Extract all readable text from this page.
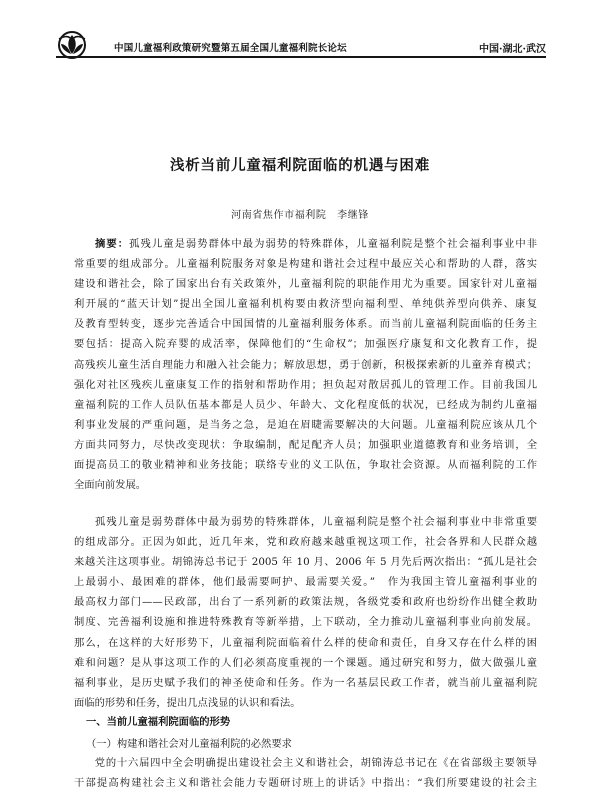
中国儿童福利政策研究暨第五届全国儿童福利院长论坛	中国·湖北·武汉
浅析当前儿童福利院面临的机遇与困难
河南省焦作市福利院　李继锋
摘要：孤残儿童是弱势群体中最为弱势的特殊群体，儿童福利院是整个社会福利事业中非
常重要的组成部分。儿童福利院服务对象是构建和谐社会过程中最应关心和帮助的人群，落实
建设和谐社会，除了国家出台有关政策外，儿童福利院的职能作用尤为重要。国家针对儿童福
利开展的“蓝天计划”提出全国儿童福利机构要由救济型向福利型、单纯供养型向供养、康复
及教育型转变，逐步完善适合中国国情的儿童福利服务体系。而当前儿童福利院面临的任务主
要包括：提高入院弃婴的成活率，保障他们的“生命权”；加强医疗康复和文化教育工作，提
高残疾儿童生活自理能力和融入社会能力；解放思想，勇于创新，积极探索新的儿童养育模式；
强化对社区残疾儿童康复工作的指射和帮助作用；担负起对散居孤儿的管理工作。目前我国儿
童福利院的工作人员队伍基本都是人员少、年龄大、文化程度低的状况，已经成为制约儿童福
利事业发展的严重问题，是当务之急，是迫在眉睫需要解决的大问题。儿童福利院应该从几个
方面共同努力，尽快改变现状：争取编制，配足配齐人员；加强职业道德教育和业务培训，全
面提高员工的敬业精神和业务技能；联络专业的义工队伍，争取社会资源。从而福利院的工作
全面向前发展。
孤残儿童是弱势群体中最为弱势的特殊群体，儿童福利院是整个社会福利事业中非常重要
的组成部分。正因为如此，近几年来，党和政府越来越重视这项工作，社会各界和人民群众越
来越关注这项事业。胡锦涛总书记于 2005 年 10 月、2006 年 5 月先后两次指出：“孤儿是社会
上最弱小、最困难的群体，他们最需要呵护、最需要关爱。”　作为我国主管儿童福利事业的
最高权力部门——民政部，出台了一系列新的政策法规，各级党委和政府也纷纷作出健全救助
制度、完善福利设施和推进特殊教育等新举措，上下联动，全力推动儿童福利事业向前发展。
那么，在这样的大好形势下，儿童福利院面临着什么样的使命和责任，自身又存在什么样的困
难和问题？是从事这项工作的人们必须高度重视的一个课题。通过研究和努力，做大做强儿童
福利事业，是历史赋予我们的神圣使命和任务。作为一名基层民政工作者，就当前儿童福利院
面临的形势和任务，提出几点浅显的认识和看法。
一、当前儿童福利院面临的形势
（一）构建和谐社会对儿童福利院的必然要求
党的十六届四中全会明确提出建设社会主义和谐社会，胡锦涛总书记在《在省部级主要领导
干部提高构建社会主义和谐社会能力专题研讨班上的讲话》中指出：“我们所要建设的社会主
